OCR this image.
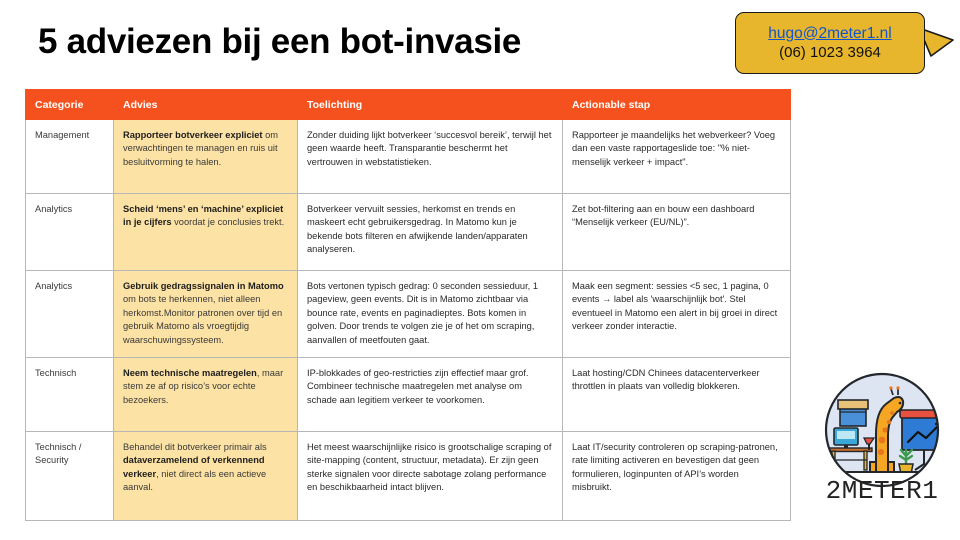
5 adviezen bij een bot-invasie	hugo@2meter1.nl
(06) 1023 3964
Categorie	Advies	Toelichting	Actionable stap
Management	Rapporteer botverkeer expliciet om verwachtingen te managen en ruis uit besluitvorming te halen.	Zonder duiding lijkt botverkeer ‘succesvol bereik’, terwijl het geen waarde heeft. Transparantie beschermt het vertrouwen in webstatistieken.	Rapporteer je maandelijks het webverkeer? Voeg dan een vaste rapportageslide toe: "% niet-menselijk verkeer + impact".
Analytics	Scheid ‘mens’ en ‘machine’ expliciet in je cijfers voordat je conclusies trekt.	Botverkeer vervuilt sessies, herkomst en trends en maskeert echt gebruikersgedrag. In Matomo kun je bekende bots filteren en afwijkende landen/apparaten analyseren.	Zet bot-filtering aan en bouw een dashboard “Menselijk verkeer (EU/NL)”.
Analytics	Gebruik gedragssignalen in Matomo om bots te herkennen, niet alleen herkomst.Monitor patronen over tijd en gebruik Matomo als vroegtijdig waarschuwingssysteem.	Bots vertonen typisch gedrag: 0 seconden sessieduur, 1 pageview, geen events. Dit is in Matomo zichtbaar via bounce rate, events en paginadieptes. Bots komen in golven. Door trends te volgen zie je of het om scraping, aanvallen of meetfouten gaat.	Maak een segment: sessies <5 sec, 1 pagina, 0 events → label als 'waarschijnlijk bot'. Stel eventueel in Matomo een alert in bij groei in direct verkeer zonder interactie.
Technisch	Neem technische maatregelen, maar stem ze af op risico’s voor echte bezoekers.	IP-blokkades of geo-restricties zijn effectief maar grof. Combineer technische maatregelen met analyse om schade aan legitiem verkeer te voorkomen.	Laat hosting/CDN Chinees datacenterverkeer throttlen in plaats van volledig blokkeren.
Technisch / Security	Behandel dit botverkeer primair als dataverzamelend of verkennend verkeer, niet direct als een actieve aanval.	Het meest waarschijnlijke risico is grootschalige scraping of site-mapping (content, structuur, metadata). Er zijn geen sterke signalen voor directe sabotage zolang performance en beschikbaarheid intact blijven.	Laat IT/security controleren op scraping-patronen, rate limiting activeren en bevestigen dat geen formulieren, loginpunten of API’s worden misbruikt.	2METER1
